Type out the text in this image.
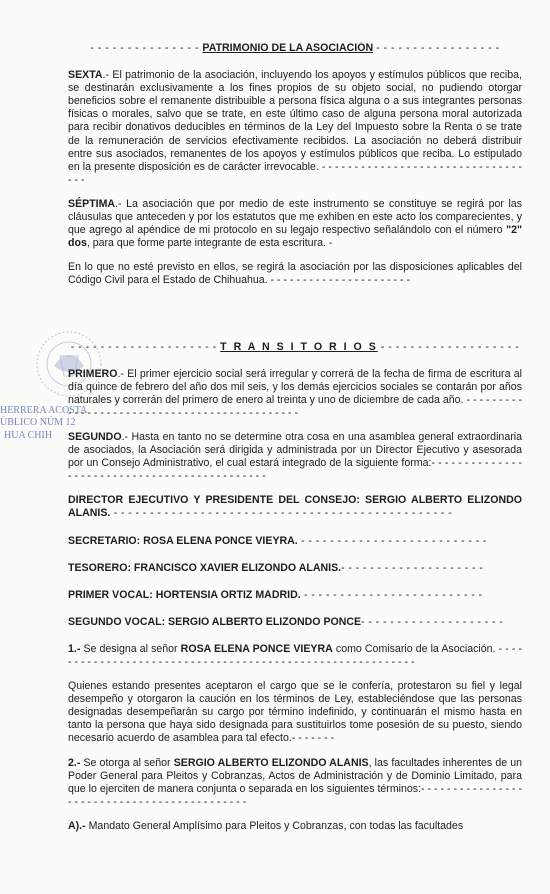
HERRERA ACOSTA
ÚBLICO NÚM 12
HUA CHIH
- - - - - - - - - - - - - - - PATRIMONIO DE LA ASOCIACIÓN - - - - - - - - - - - - - - - - -

SEXTA.- El patrimonio de la asociación, incluyendo los apoyos y estímulos públicos que reciba, se destinarán exclusivamente a los fines propios de su objeto social, no pudiendo otorgar beneficios sobre el remanente distribuible a persona física alguna o a sus integrantes personas físicas o morales, salvo que se trate, en este último caso de alguna persona moral autorizada para recibir donativos deducibles en términos de la Ley del Impuesto sobre la Renta o se trate de la remuneración de servicios efectivamente recibidos. La asociación no deberá distribuir entre sus asociados, remanentes de los apoyos y estímulos públicos que reciba. Lo estipulado en la presente disposición es de carácter irrevocable. - - - - - - - - - - - - - - - - - - - - - - - - - - - - - - - - - -

SÉPTIMA.- La asociación que por medio de este instrumento se constituye se regirá por las cláusulas que anteceden y por los estatutos que me exhiben en este acto los comparecientes, y que agrego al apéndice de mi protocolo en su legajo respectivo señalándolo con el número "2" dos, para que forme parte integrante de esta escritura. -

En lo que no esté previsto en ellos, se regirá la asociación por las disposiciones aplicables del Código Civil para el Estado de Chihuahua. - - - - - - - - - - - - - - - - - - - - - -

- - - - - - - - - - - - - - - - - - - - T R A N S I T O R I O S - - - - - - - - - - - - - - - - - - -

PRIMERO.- El primer ejercicio social será irregular y correrá de la fecha de firma de escritura al día quince de febrero del año dos mil seis, y los demás ejercicios sociales se contarán por años naturales y correrán del primero de enero al treinta y uno de diciembre de cada año. - - - - - - - - - - - - - - - - - - - - - - - - - - - - - - - - - - - - - - - - - - - - -

SEGUNDO.- Hasta en tanto no se determine otra cosa en una asamblea general extraordinaria de asociados, la Asociación será dirigida y administrada por un Director Ejecutivo y asesorada por un Consejo Administrativo, el cual estará integrado de la siguiente forma:- - - - - - - - - - - - - - - - - - - - - - - - - - - - - - - - - - - - - - - - - - - - -

DIRECTOR EJECUTIVO Y PRESIDENTE DEL CONSEJO: SERGIO ALBERTO ELIZONDO ALANIS. - - - - - - - - - - - - - - - - - - - - - - - - - - - - - - - - - - - - - - - - - - - - - - -
SECRETARIO: ROSA ELENA PONCE VIEYRA. - - - - - - - - - - - - - - - - - - - - - - - - - -
TESORERO: FRANCISCO XAVIER ELIZONDO ALANIS.- - - - - - - - - - - - - - - - - - - -
PRIMER VOCAL: HORTENSIA ORTIZ MADRID. - - - - - - - - - - - - - - - - - - - - - - - - -
SEGUNDO VOCAL: SERGIO ALBERTO ELIZONDO PONCE- - - - - - - - - - - - - - - - - - - -

1.- Se designa al señor ROSA ELENA PONCE VIEYRA como Comisario de la Asociación. - - - - - - - - - - - - - - - - - - - - - - - - - - - - - - - - - - - - - - - - - - - - - - - - - - - - - - - - - -

Quienes estando presentes aceptaron el cargo que se le confería, protestaron su fiel y legal desempeño y otorgaron la caución en los términos de Ley, estableciéndose que las personas designadas desempeñarán su cargo por término indefinido, y continuarán el mismo hasta en tanto la persona que haya sido designada para sustituirlos tome posesión de su puesto, siendo necesario acuerdo de asamblea para tal efecto.- - - - - - -

2.- Se otorga al señor SERGIO ALBERTO ELIZONDO ALANIS, las facultades inherentes de un Poder General para Pleitos y Cobranzas, Actos de Administración y de Dominio Limitado, para que lo ejerciten de manera conjunta o separada en los siguientes términos:- - - - - - - - - - - - - - - - - - - - - - - - - - - - - - - - - - - - - - - - - - - -

A).- Mandato General Amplísimo para Pleitos y Cobranzas, con todas las facultades
